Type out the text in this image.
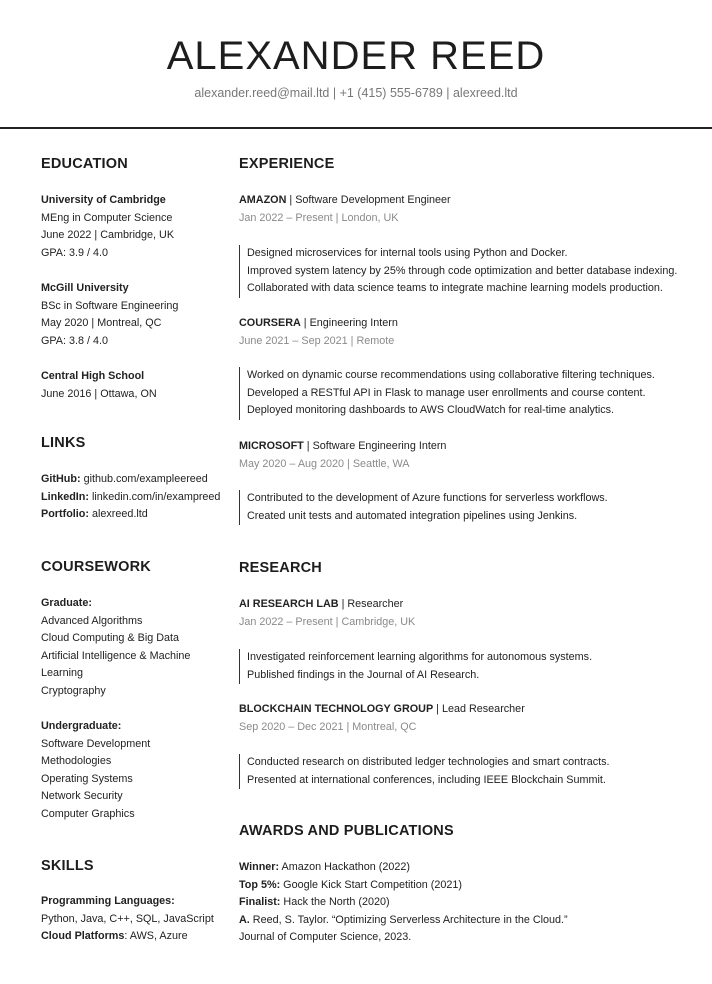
ALEXANDER REED
alexander.reed@mail.ltd | +1 (415) 555-6789 | alexreed.ltd
EDUCATION
University of Cambridge
MEng in Computer Science
June 2022 | Cambridge, UK
GPA: 3.9 / 4.0
McGill University
BSc in Software Engineering
May 2020 | Montreal, QC
GPA: 3.8 / 4.0
Central High School
June 2016 | Ottawa, ON
LINKS
GitHub: github.com/exampleereed
LinkedIn: linkedin.com/in/exampreed
Portfolio: alexreed.ltd
COURSEWORK
Graduate:
Advanced Algorithms
Cloud Computing & Big Data
Artificial Intelligence & Machine
Learning
Cryptography
Undergraduate:
Software Development
Methodologies
Operating Systems
Network Security
Computer Graphics
SKILLS
Programming Languages:
Python, Java, C++, SQL, JavaScript
Cloud Platforms: AWS, Azure
EXPERIENCE
AMAZON | Software Development Engineer
Jan 2022 – Present | London, UK
Designed microservices for internal tools using Python and Docker.
Improved system latency by 25% through code optimization and better database indexing.
Collaborated with data science teams to integrate machine learning models production.
COURSERA | Engineering Intern
June 2021 – Sep 2021 | Remote
Worked on dynamic course recommendations using collaborative filtering techniques.
Developed a RESTful API in Flask to manage user enrollments and course content.
Deployed monitoring dashboards to AWS CloudWatch for real-time analytics.
MICROSOFT | Software Engineering Intern
May 2020 – Aug 2020 | Seattle, WA
Contributed to the development of Azure functions for serverless workflows.
Created unit tests and automated integration pipelines using Jenkins.
RESEARCH
AI RESEARCH LAB | Researcher
Jan 2022 – Present | Cambridge, UK
Investigated reinforcement learning algorithms for autonomous systems.
Published findings in the Journal of AI Research.
BLOCKCHAIN TECHNOLOGY GROUP | Lead Researcher
Sep 2020 – Dec 2021 | Montreal, QC
Conducted research on distributed ledger technologies and smart contracts.
Presented at international conferences, including IEEE Blockchain Summit.
AWARDS AND PUBLICATIONS
Winner: Amazon Hackathon (2022)
Top 5%: Google Kick Start Competition (2021)
Finalist: Hack the North (2020)
A. Reed, S. Taylor. “Optimizing Serverless Architecture in the Cloud.”
Journal of Computer Science, 2023.
